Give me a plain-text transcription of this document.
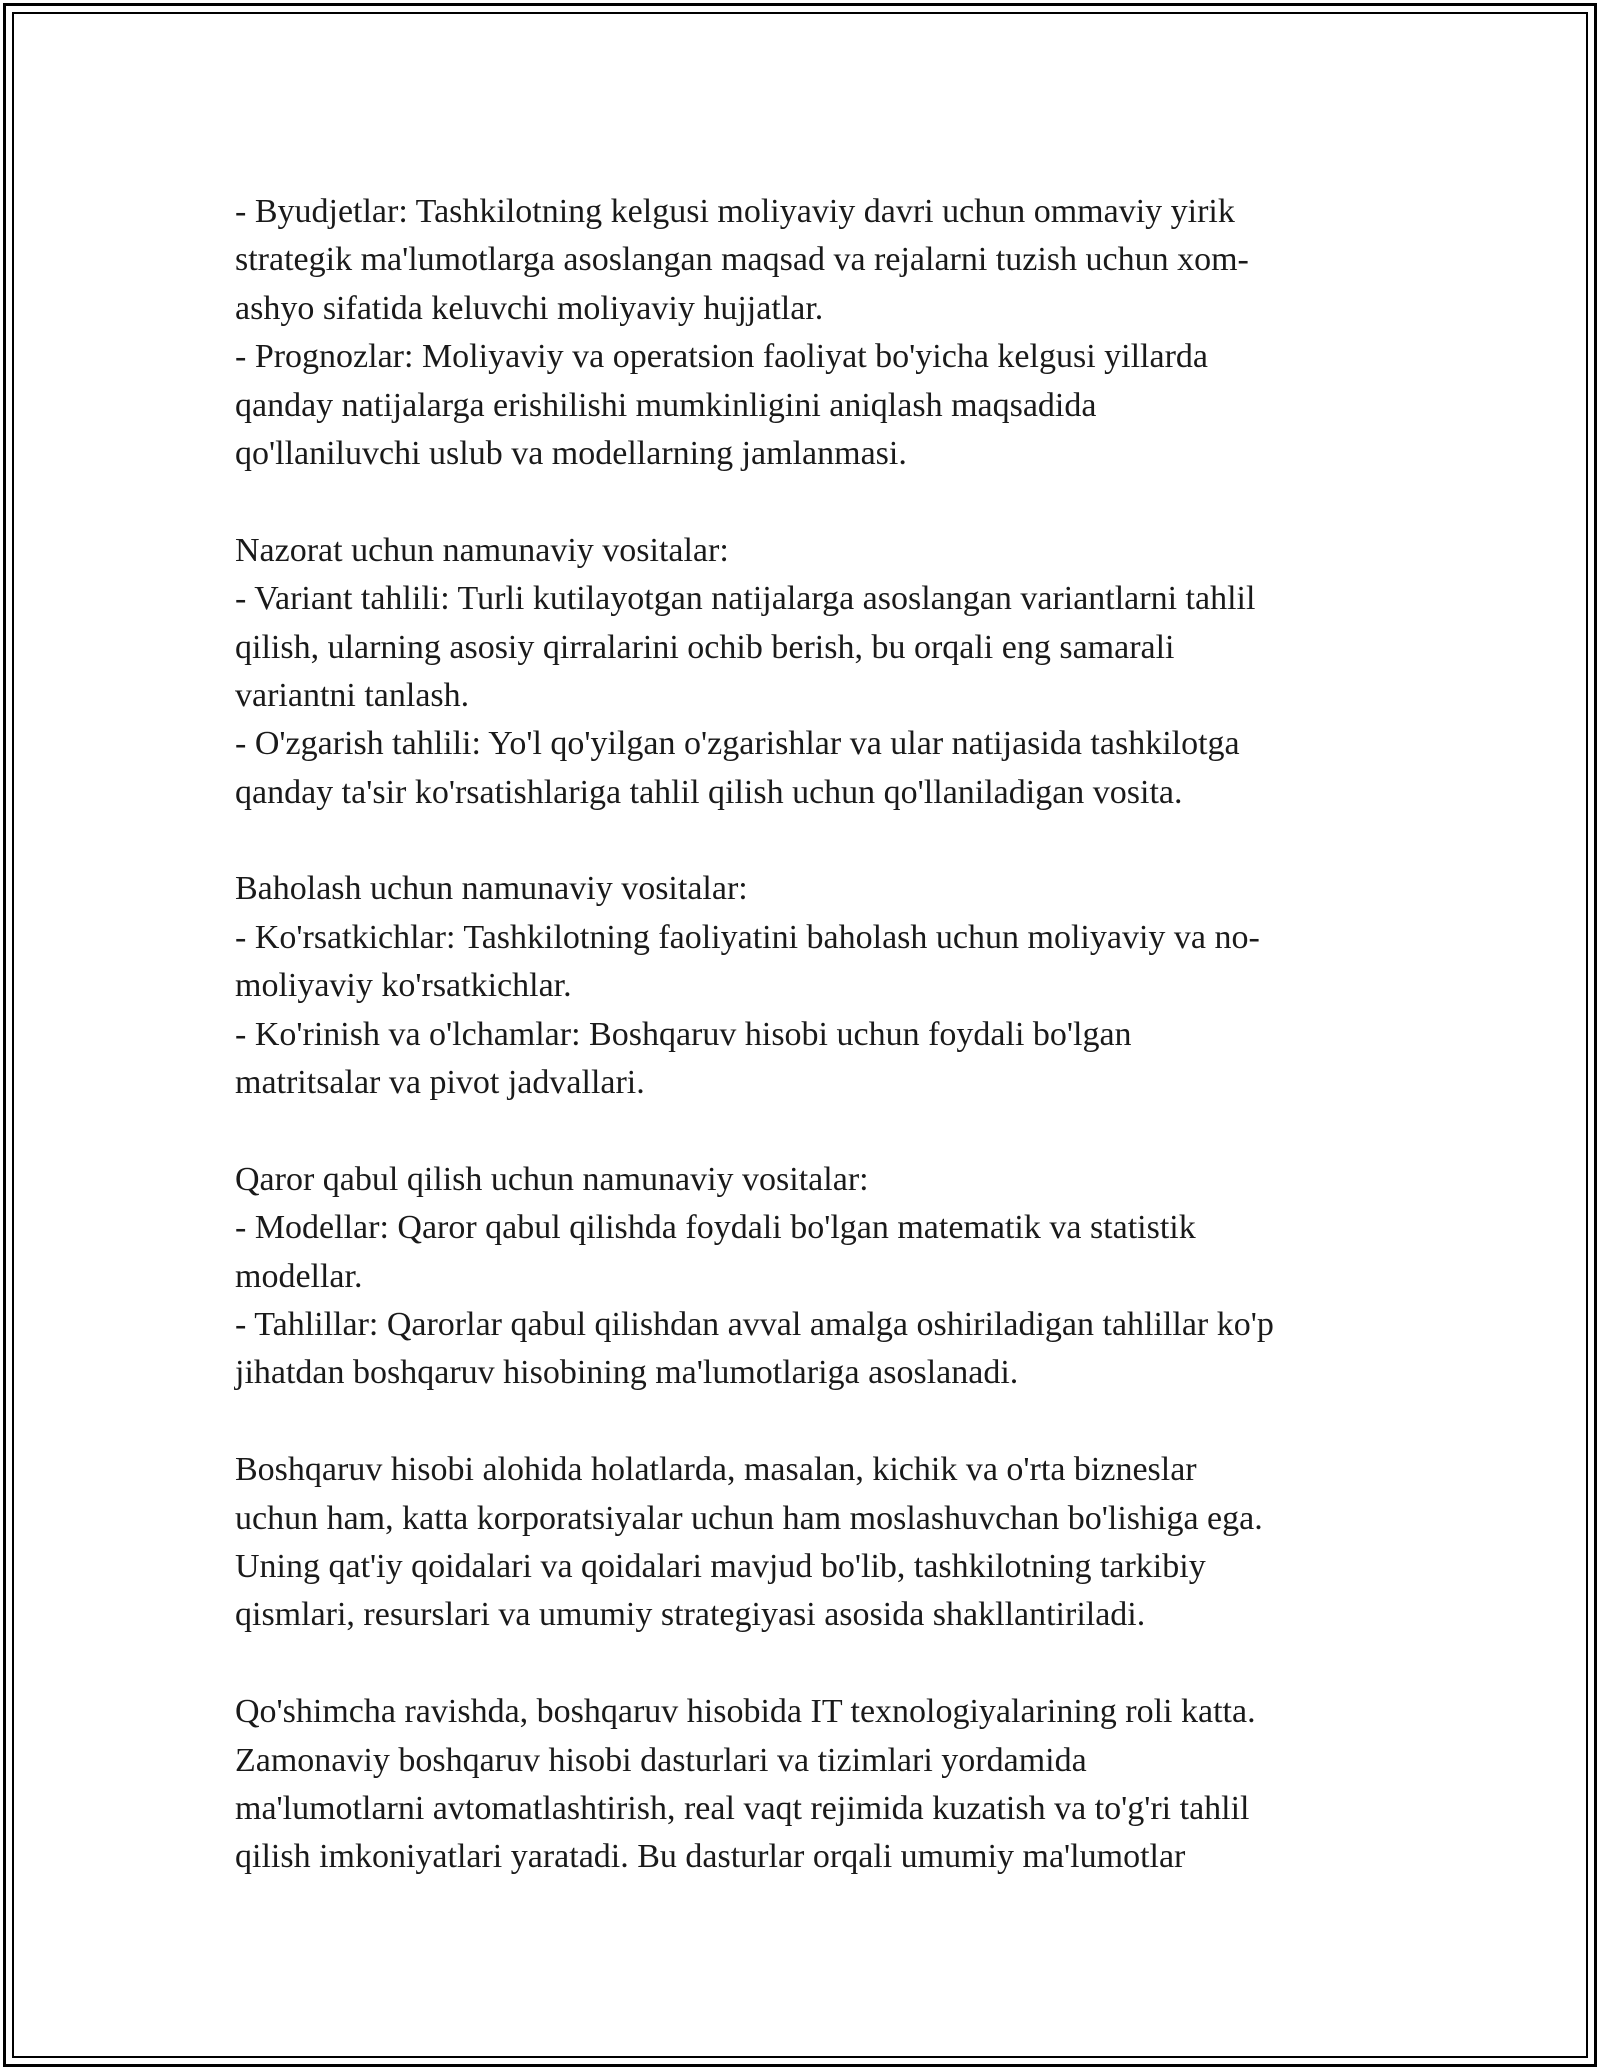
- Byudjetlar: Tashkilotning kelgusi moliyaviy davri uchun ommaviy yirik
strategik ma'lumotlarga asoslangan maqsad va rejalarni tuzish uchun xom-
ashyo sifatida keluvchi moliyaviy hujjatlar.
- Prognozlar: Moliyaviy va operatsion faoliyat bo'yicha kelgusi yillarda
qanday natijalarga erishilishi mumkinligini aniqlash maqsadida
qo'llaniluvchi uslub va modellarning jamlanmasi.
Nazorat uchun namunaviy vositalar:
- Variant tahlili: Turli kutilayotgan natijalarga asoslangan variantlarni tahlil
qilish, ularning asosiy qirralarini ochib berish, bu orqali eng samarali
variantni tanlash.
- O'zgarish tahlili: Yo'l qo'yilgan o'zgarishlar va ular natijasida tashkilotga
qanday ta'sir ko'rsatishlariga tahlil qilish uchun qo'llaniladigan vosita.
Baholash uchun namunaviy vositalar:
- Ko'rsatkichlar: Tashkilotning faoliyatini baholash uchun moliyaviy va no-
moliyaviy ko'rsatkichlar.
- Ko'rinish va o'lchamlar: Boshqaruv hisobi uchun foydali bo'lgan
matritsalar va pivot jadvallari.
Qaror qabul qilish uchun namunaviy vositalar:
- Modellar: Qaror qabul qilishda foydali bo'lgan matematik va statistik
modellar.
- Tahlillar: Qarorlar qabul qilishdan avval amalga oshiriladigan tahlillar ko'p
jihatdan boshqaruv hisobining ma'lumotlariga asoslanadi.
Boshqaruv hisobi alohida holatlarda, masalan, kichik va o'rta bizneslar
uchun ham, katta korporatsiyalar uchun ham moslashuvchan bo'lishiga ega.
Uning qat'iy qoidalari va qoidalari mavjud bo'lib, tashkilotning tarkibiy
qismlari, resurslari va umumiy strategiyasi asosida shakllantiriladi.
Qo'shimcha ravishda, boshqaruv hisobida IT texnologiyalarining roli katta.
Zamonaviy boshqaruv hisobi dasturlari va tizimlari yordamida
ma'lumotlarni avtomatlashtirish, real vaqt rejimida kuzatish va to'g'ri tahlil
qilish imkoniyatlari yaratadi. Bu dasturlar orqali umumiy ma'lumotlar
